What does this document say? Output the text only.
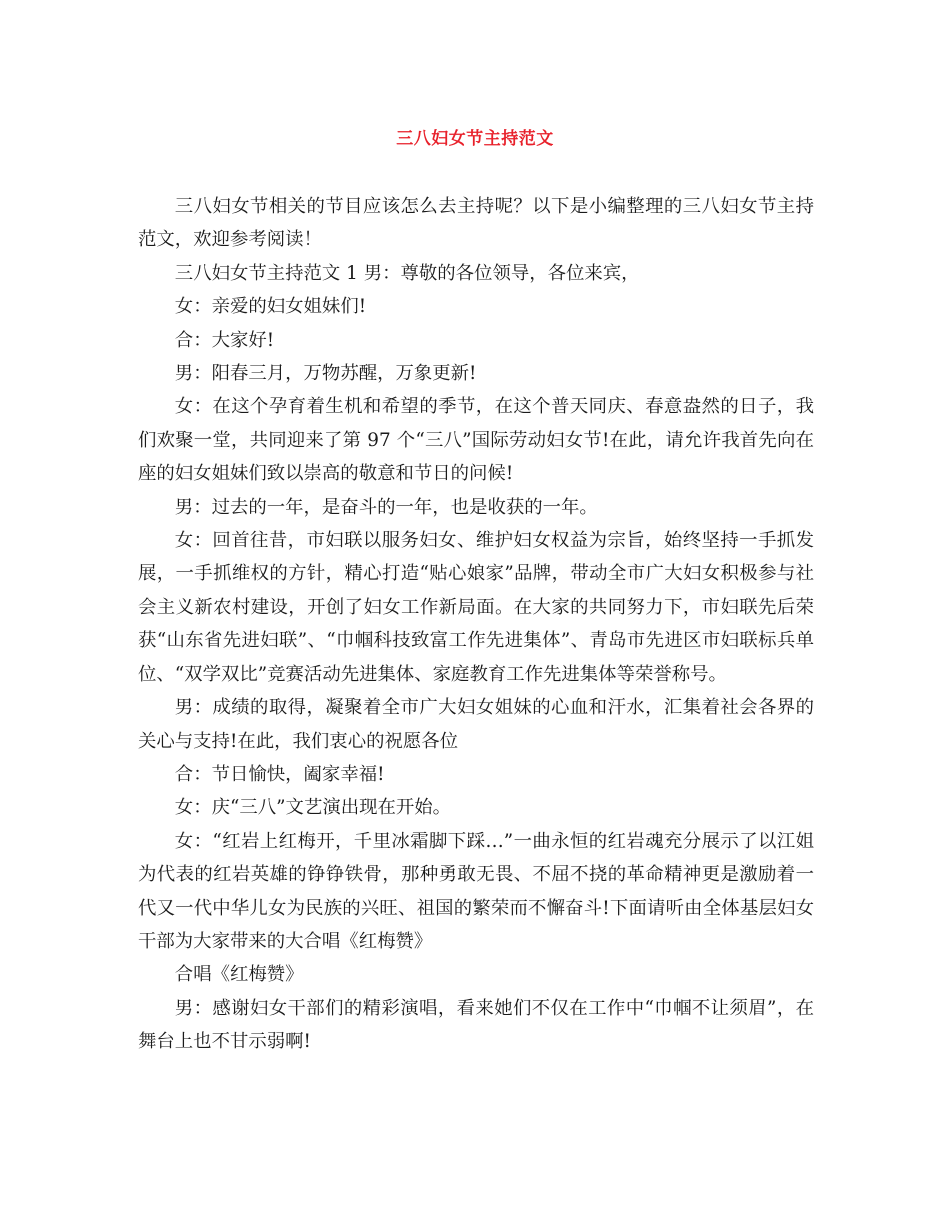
三八妇女节主持范文

三八妇女节相关的节目应该怎么去主持呢？以下是小编整理的三八妇女节主持范文，欢迎参考阅读！

三八妇女节主持范文 1 男：尊敬的各位领导，各位来宾，

女：亲爱的妇女姐妹们!

合：大家好!

男：阳春三月，万物苏醒，万象更新!

女：在这个孕育着生机和希望的季节，在这个普天同庆、春意盎然的日子，我们欢聚一堂，共同迎来了第 97 个“三八”国际劳动妇女节!在此，请允许我首先向在座的妇女姐妹们致以崇高的敬意和节日的问候!

男：过去的一年，是奋斗的一年，也是收获的一年。

女：回首往昔，市妇联以服务妇女、维护妇女权益为宗旨，始终坚持一手抓发展，一手抓维权的方针，精心打造“贴心娘家”品牌，带动全市广大妇女积极参与社会主义新农村建设，开创了妇女工作新局面。在大家的共同努力下，市妇联先后荣获“山东省先进妇联”、“巾帼科技致富工作先进集体”、青岛市先进区市妇联标兵单位、“双学双比”竞赛活动先进集体、家庭教育工作先进集体等荣誉称号。

男：成绩的取得，凝聚着全市广大妇女姐妹的心血和汗水，汇集着社会各界的关心与支持!在此，我们衷心的祝愿各位

合：节日愉快，阖家幸福!

女：庆“三八”文艺演出现在开始。

女：“红岩上红梅开，千里冰霜脚下踩…”一曲永恒的红岩魂充分展示了以江姐为代表的红岩英雄的铮铮铁骨，那种勇敢无畏、不屈不挠的革命精神更是激励着一代又一代中华儿女为民族的兴旺、祖国的繁荣而不懈奋斗!下面请听由全体基层妇女干部为大家带来的大合唱《红梅赞》

合唱《红梅赞》

男：感谢妇女干部们的精彩演唱，看来她们不仅在工作中“巾帼不让须眉”，在舞台上也不甘示弱啊!
